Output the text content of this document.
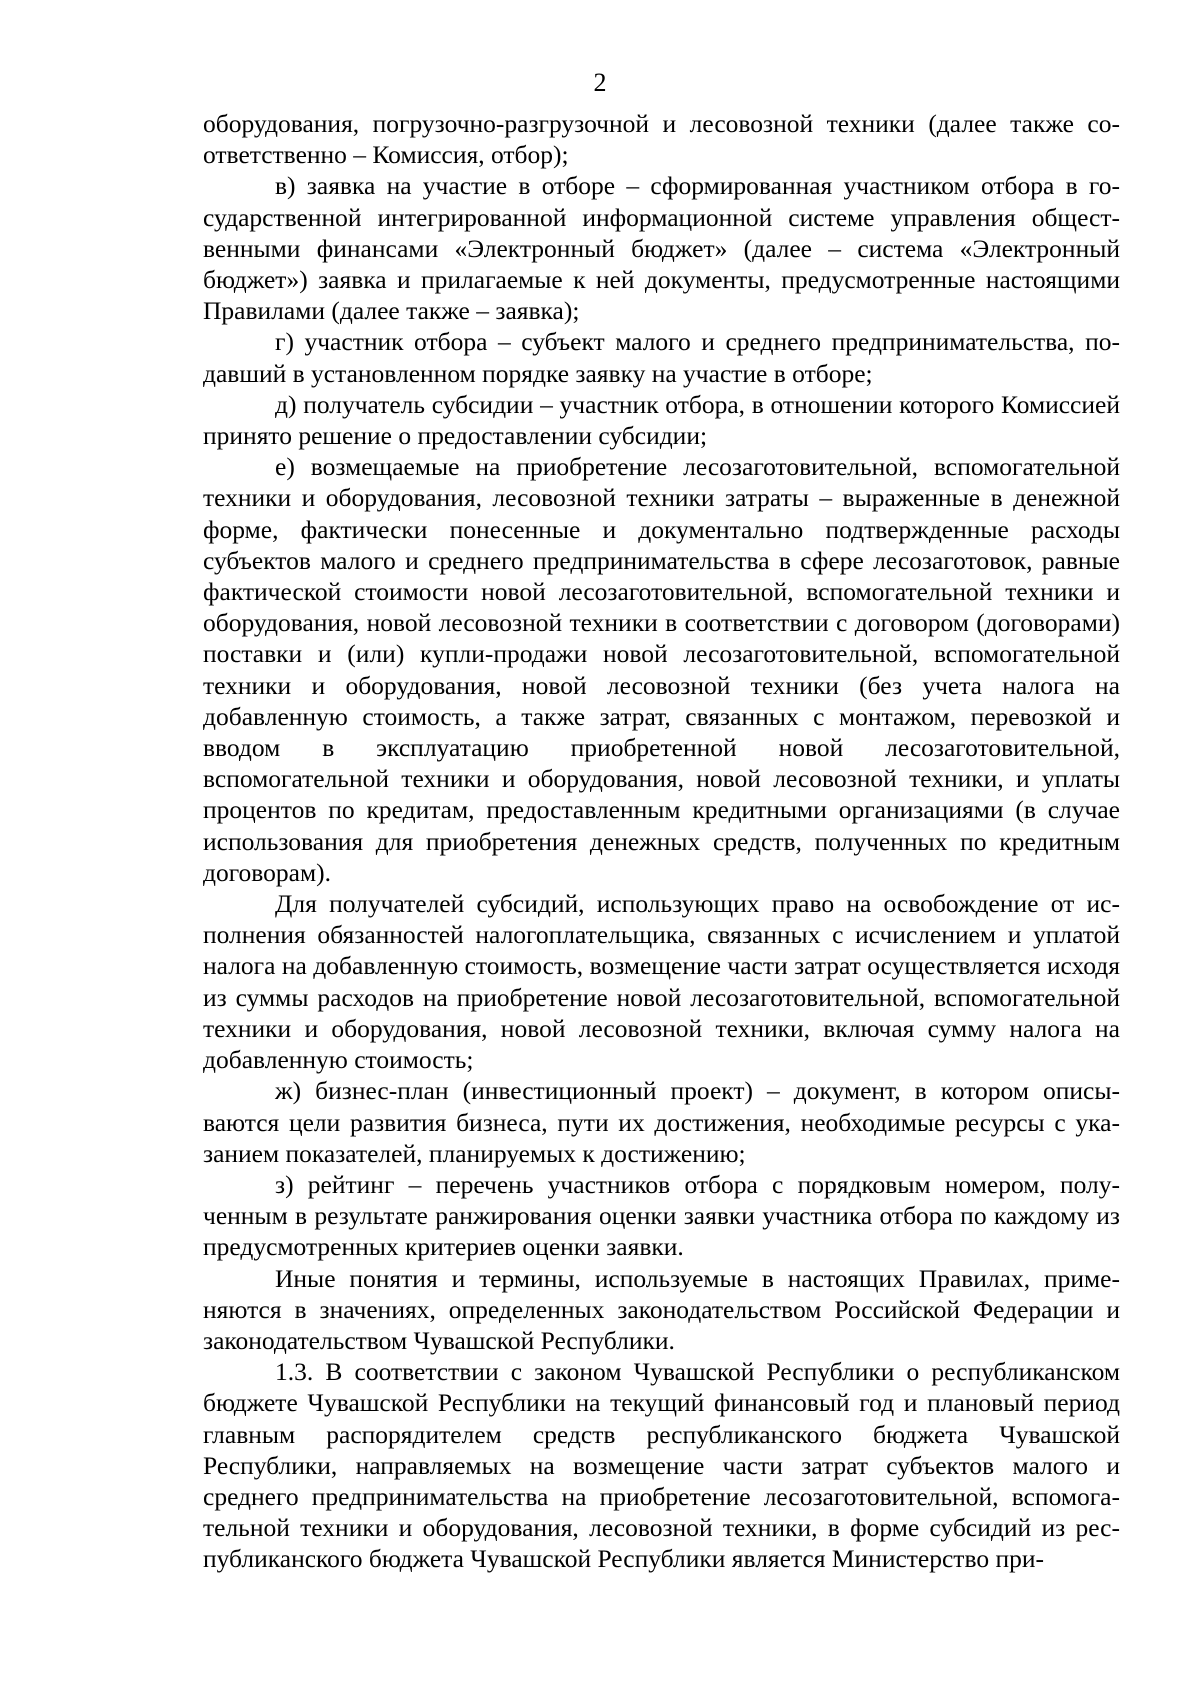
2

оборудования, погрузочно-разгрузочной и лесовозной техники (далее также соответственно – Комиссия, отбор);

в) заявка на участие в отборе – сформированная участником отбора в государственной интегрированной информационной системе управления общественными финансами «Электронный бюджет» (далее – система «Электронный бюджет») заявка и прилагаемые к ней документы, предусмотренные настоящими Правилами (далее также – заявка);

г) участник отбора – субъект малого и среднего предпринимательства, подавший в установленном порядке заявку на участие в отборе;

д) получатель субсидии – участник отбора, в отношении которого Комиссией принято решение о предоставлении субсидии;

е) возмещаемые на приобретение лесозаготовительной, вспомогательной техники и оборудования, лесовозной техники затраты – выраженные в денежной форме, фактически понесенные и документально подтвержденные расходы субъектов малого и среднего предпринимательства в сфере лесозаготовок, равные фактической стоимости новой лесозаготовительной, вспомогательной техники и оборудования, новой лесовозной техники в соответствии с договором (договорами) поставки и (или) купли-продажи новой лесозаготовительной, вспомогательной техники и оборудования, новой лесовозной техники (без учета налога на добавленную стоимость, а также затрат, связанных с монтажом, перевозкой и вводом в эксплуатацию приобретенной новой лесозаготовительной, вспомогательной техники и оборудования, новой лесовозной техники, и уплаты процентов по кредитам, предоставленным кредитными организациями (в случае использования для приобретения денежных средств, полученных по кредитным договорам).

Для получателей субсидий, использующих право на освобождение от исполнения обязанностей налогоплательщика, связанных с исчислением и уплатой налога на добавленную стоимость, возмещение части затрат осуществляется исходя из суммы расходов на приобретение новой лесозаготовительной, вспомогательной техники и оборудования, новой лесовозной техники, включая сумму налога на добавленную стоимость;

ж) бизнес-план (инвестиционный проект) – документ, в котором описываются цели развития бизнеса, пути их достижения, необходимые ресурсы с указанием показателей, планируемых к достижению;

з) рейтинг – перечень участников отбора с порядковым номером, полученным в результате ранжирования оценки заявки участника отбора по каждому из предусмотренных критериев оценки заявки.

Иные понятия и термины, используемые в настоящих Правилах, применяются в значениях, определенных законодательством Российской Федерации и законодательством Чувашской Республики.

1.3. В соответствии с законом Чувашской Республики о республиканском бюджете Чувашской Республики на текущий финансовый год и плановый период главным распорядителем средств республиканского бюджета Чувашской Республики, направляемых на возмещение части затрат субъектов малого и среднего предпринимательства на приобретение лесозаготовительной, вспомогательной техники и оборудования, лесовозной техники, в форме субсидий из республиканского бюджета Чувашской Республики является Министерство при-
